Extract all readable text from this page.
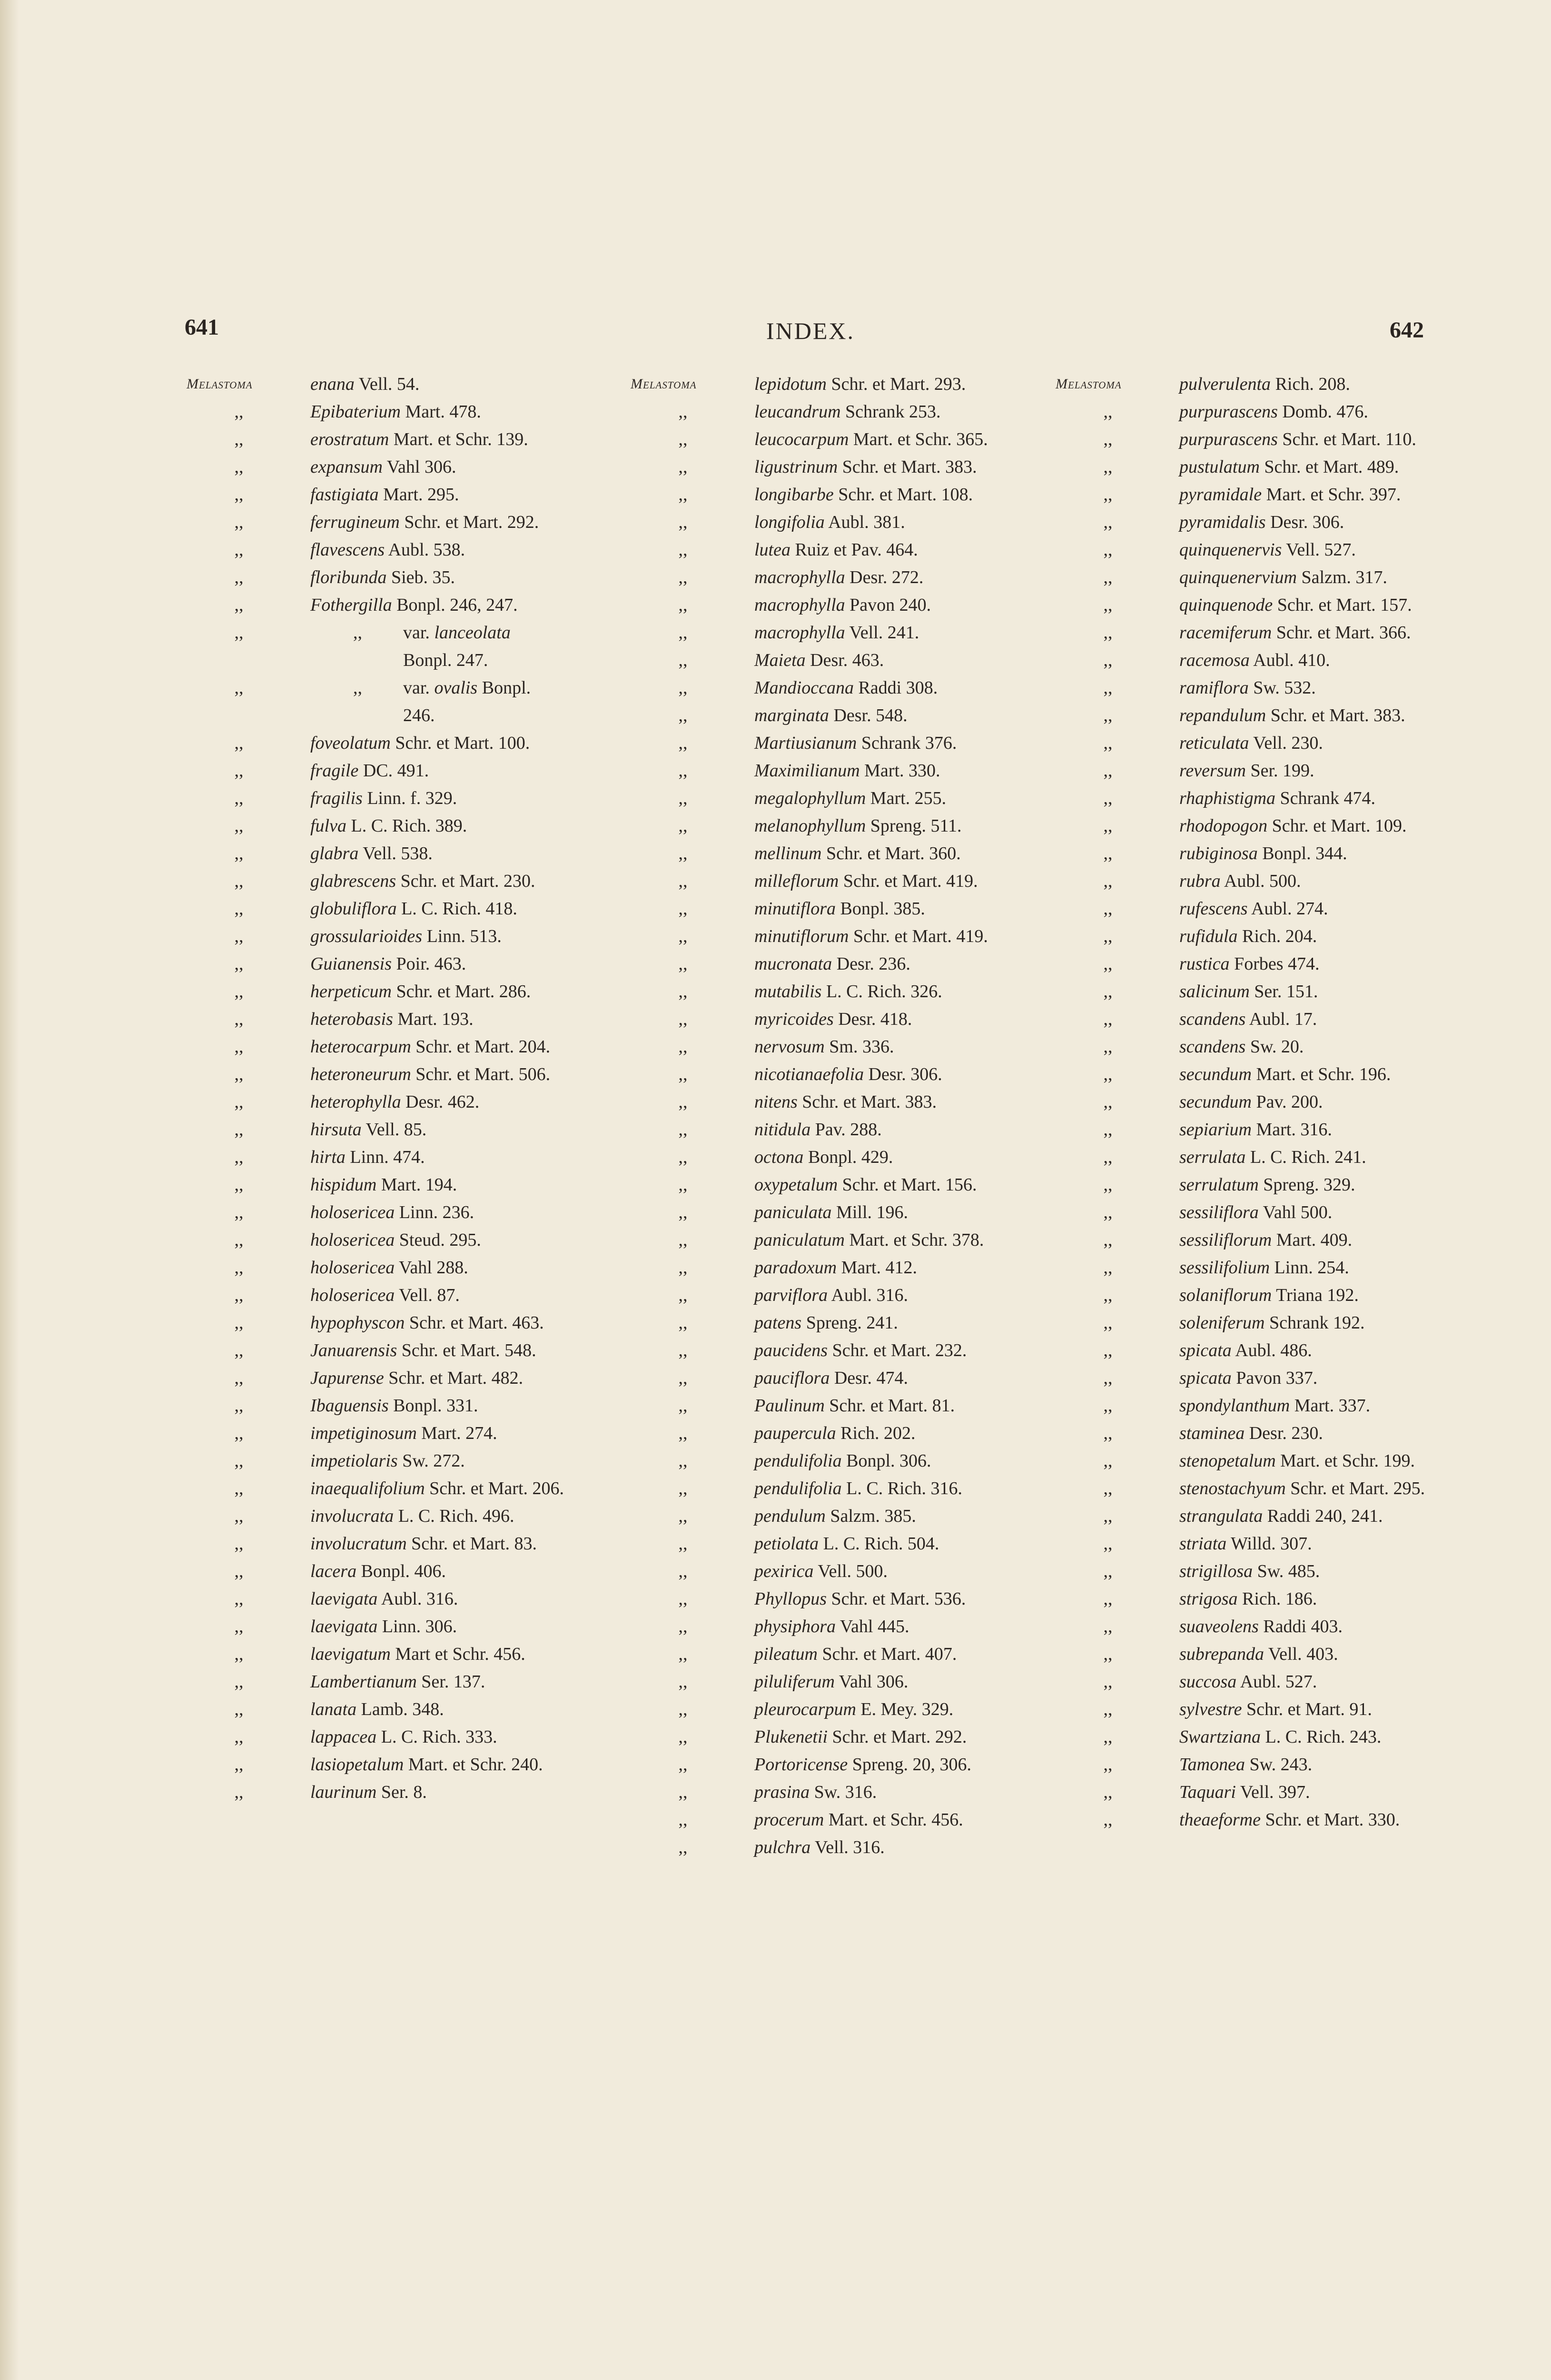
641	INDEX.	642
Melastoma	enana Vell. 54.
,,	Epibaterium Mart. 478.
,,	erostratum Mart. et Schr. 139.
,,	expansum Vahl 306.
,,	fastigiata Mart. 295.
,,	ferrugineum Schr. et Mart. 292.
,,	flavescens Aubl. 538.
,,	floribunda Sieb. 35.
,,	Fothergilla Bonpl. 246, 247.
,,	,,	var. lanceolata
Bonpl. 247.
,,	,,	var. ovalis Bonpl.
246.
,,	foveolatum Schr. et Mart. 100.
,,	fragile DC. 491.
,,	fragilis Linn. f. 329.
,,	fulva L. C. Rich. 389.
,,	glabra Vell. 538.
,,	glabrescens Schr. et Mart. 230.
,,	globuliflora L. C. Rich. 418.
,,	grossularioides Linn. 513.
,,	Guianensis Poir. 463.
,,	herpeticum Schr. et Mart. 286.
,,	heterobasis Mart. 193.
,,	heterocarpum Schr. et Mart. 204.
,,	heteroneurum Schr. et Mart. 506.
,,	heterophylla Desr. 462.
,,	hirsuta Vell. 85.
,,	hirta Linn. 474.
,,	hispidum Mart. 194.
,,	holosericea Linn. 236.
,,	holosericea Steud. 295.
,,	holosericea Vahl 288.
,,	holosericea Vell. 87.
,,	hypophyscon Schr. et Mart. 463.
,,	Januarensis Schr. et Mart. 548.
,,	Japurense Schr. et Mart. 482.
,,	Ibaguensis Bonpl. 331.
,,	impetiginosum Mart. 274.
,,	impetiolaris Sw. 272.
,,	inaequalifolium Schr. et Mart. 206.
,,	involucrata L. C. Rich. 496.
,,	involucratum Schr. et Mart. 83.
,,	lacera Bonpl. 406.
,,	laevigata Aubl. 316.
,,	laevigata Linn. 306.
,,	laevigatum Mart et Schr. 456.
,,	Lambertianum Ser. 137.
,,	lanata Lamb. 348.
,,	lappacea L. C. Rich. 333.
,,	lasiopetalum Mart. et Schr. 240.
,,	laurinum Ser. 8.
Melastoma	lepidotum Schr. et Mart. 293.
,,	leucandrum Schrank 253.
,,	leucocarpum Mart. et Schr. 365.
,,	ligustrinum Schr. et Mart. 383.
,,	longibarbe Schr. et Mart. 108.
,,	longifolia Aubl. 381.
,,	lutea Ruiz et Pav. 464.
,,	macrophylla Desr. 272.
,,	macrophylla Pavon 240.
,,	macrophylla Vell. 241.
,,	Maieta Desr. 463.
,,	Mandioccana Raddi 308.
,,	marginata Desr. 548.
,,	Martiusianum Schrank 376.
,,	Maximilianum Mart. 330.
,,	megalophyllum Mart. 255.
,,	melanophyllum Spreng. 511.
,,	mellinum Schr. et Mart. 360.
,,	milleflorum Schr. et Mart. 419.
,,	minutiflora Bonpl. 385.
,,	minutiflorum Schr. et Mart. 419.
,,	mucronata Desr. 236.
,,	mutabilis L. C. Rich. 326.
,,	myricoides Desr. 418.
,,	nervosum Sm. 336.
,,	nicotianaefolia Desr. 306.
,,	nitens Schr. et Mart. 383.
,,	nitidula Pav. 288.
,,	octona Bonpl. 429.
,,	oxypetalum Schr. et Mart. 156.
,,	paniculata Mill. 196.
,,	paniculatum Mart. et Schr. 378.
,,	paradoxum Mart. 412.
,,	parviflora Aubl. 316.
,,	patens Spreng. 241.
,,	paucidens Schr. et Mart. 232.
,,	pauciflora Desr. 474.
,,	Paulinum Schr. et Mart. 81.
,,	paupercula Rich. 202.
,,	pendulifolia Bonpl. 306.
,,	pendulifolia L. C. Rich. 316.
,,	pendulum Salzm. 385.
,,	petiolata L. C. Rich. 504.
,,	pexirica Vell. 500.
,,	Phyllopus Schr. et Mart. 536.
,,	physiphora Vahl 445.
,,	pileatum Schr. et Mart. 407.
,,	piluliferum Vahl 306.
,,	pleurocarpum E. Mey. 329.
,,	Plukenetii Schr. et Mart. 292.
,,	Portoricense Spreng. 20, 306.
,,	prasina Sw. 316.
,,	procerum Mart. et Schr. 456.
,,	pulchra Vell. 316.
Melastoma	pulverulenta Rich. 208.
,,	purpurascens Domb. 476.
,,	purpurascens Schr. et Mart. 110.
,,	pustulatum Schr. et Mart. 489.
,,	pyramidale Mart. et Schr. 397.
,,	pyramidalis Desr. 306.
,,	quinquenervis Vell. 527.
,,	quinquenervium Salzm. 317.
,,	quinquenode Schr. et Mart. 157.
,,	racemiferum Schr. et Mart. 366.
,,	racemosa Aubl. 410.
,,	ramiflora Sw. 532.
,,	repandulum Schr. et Mart. 383.
,,	reticulata Vell. 230.
,,	reversum Ser. 199.
,,	rhaphistigma Schrank 474.
,,	rhodopogon Schr. et Mart. 109.
,,	rubiginosa Bonpl. 344.
,,	rubra Aubl. 500.
,,	rufescens Aubl. 274.
,,	rufidula Rich. 204.
,,	rustica Forbes 474.
,,	salicinum Ser. 151.
,,	scandens Aubl. 17.
,,	scandens Sw. 20.
,,	secundum Mart. et Schr. 196.
,,	secundum Pav. 200.
,,	sepiarium Mart. 316.
,,	serrulata L. C. Rich. 241.
,,	serrulatum Spreng. 329.
,,	sessiliflora Vahl 500.
,,	sessiliflorum Mart. 409.
,,	sessilifolium Linn. 254.
,,	solaniflorum Triana 192.
,,	soleniferum Schrank 192.
,,	spicata Aubl. 486.
,,	spicata Pavon 337.
,,	spondylanthum Mart. 337.
,,	staminea Desr. 230.
,,	stenopetalum Mart. et Schr. 199.
,,	stenostachyum Schr. et Mart. 295.
,,	strangulata Raddi 240, 241.
,,	striata Willd. 307.
,,	strigillosa Sw. 485.
,,	strigosa Rich. 186.
,,	suaveolens Raddi 403.
,,	subrepanda Vell. 403.
,,	succosa Aubl. 527.
,,	sylvestre Schr. et Mart. 91.
,,	Swartziana L. C. Rich. 243.
,,	Tamonea Sw. 243.
,,	Taquari Vell. 397.
,,	theaeforme Schr. et Mart. 330.
